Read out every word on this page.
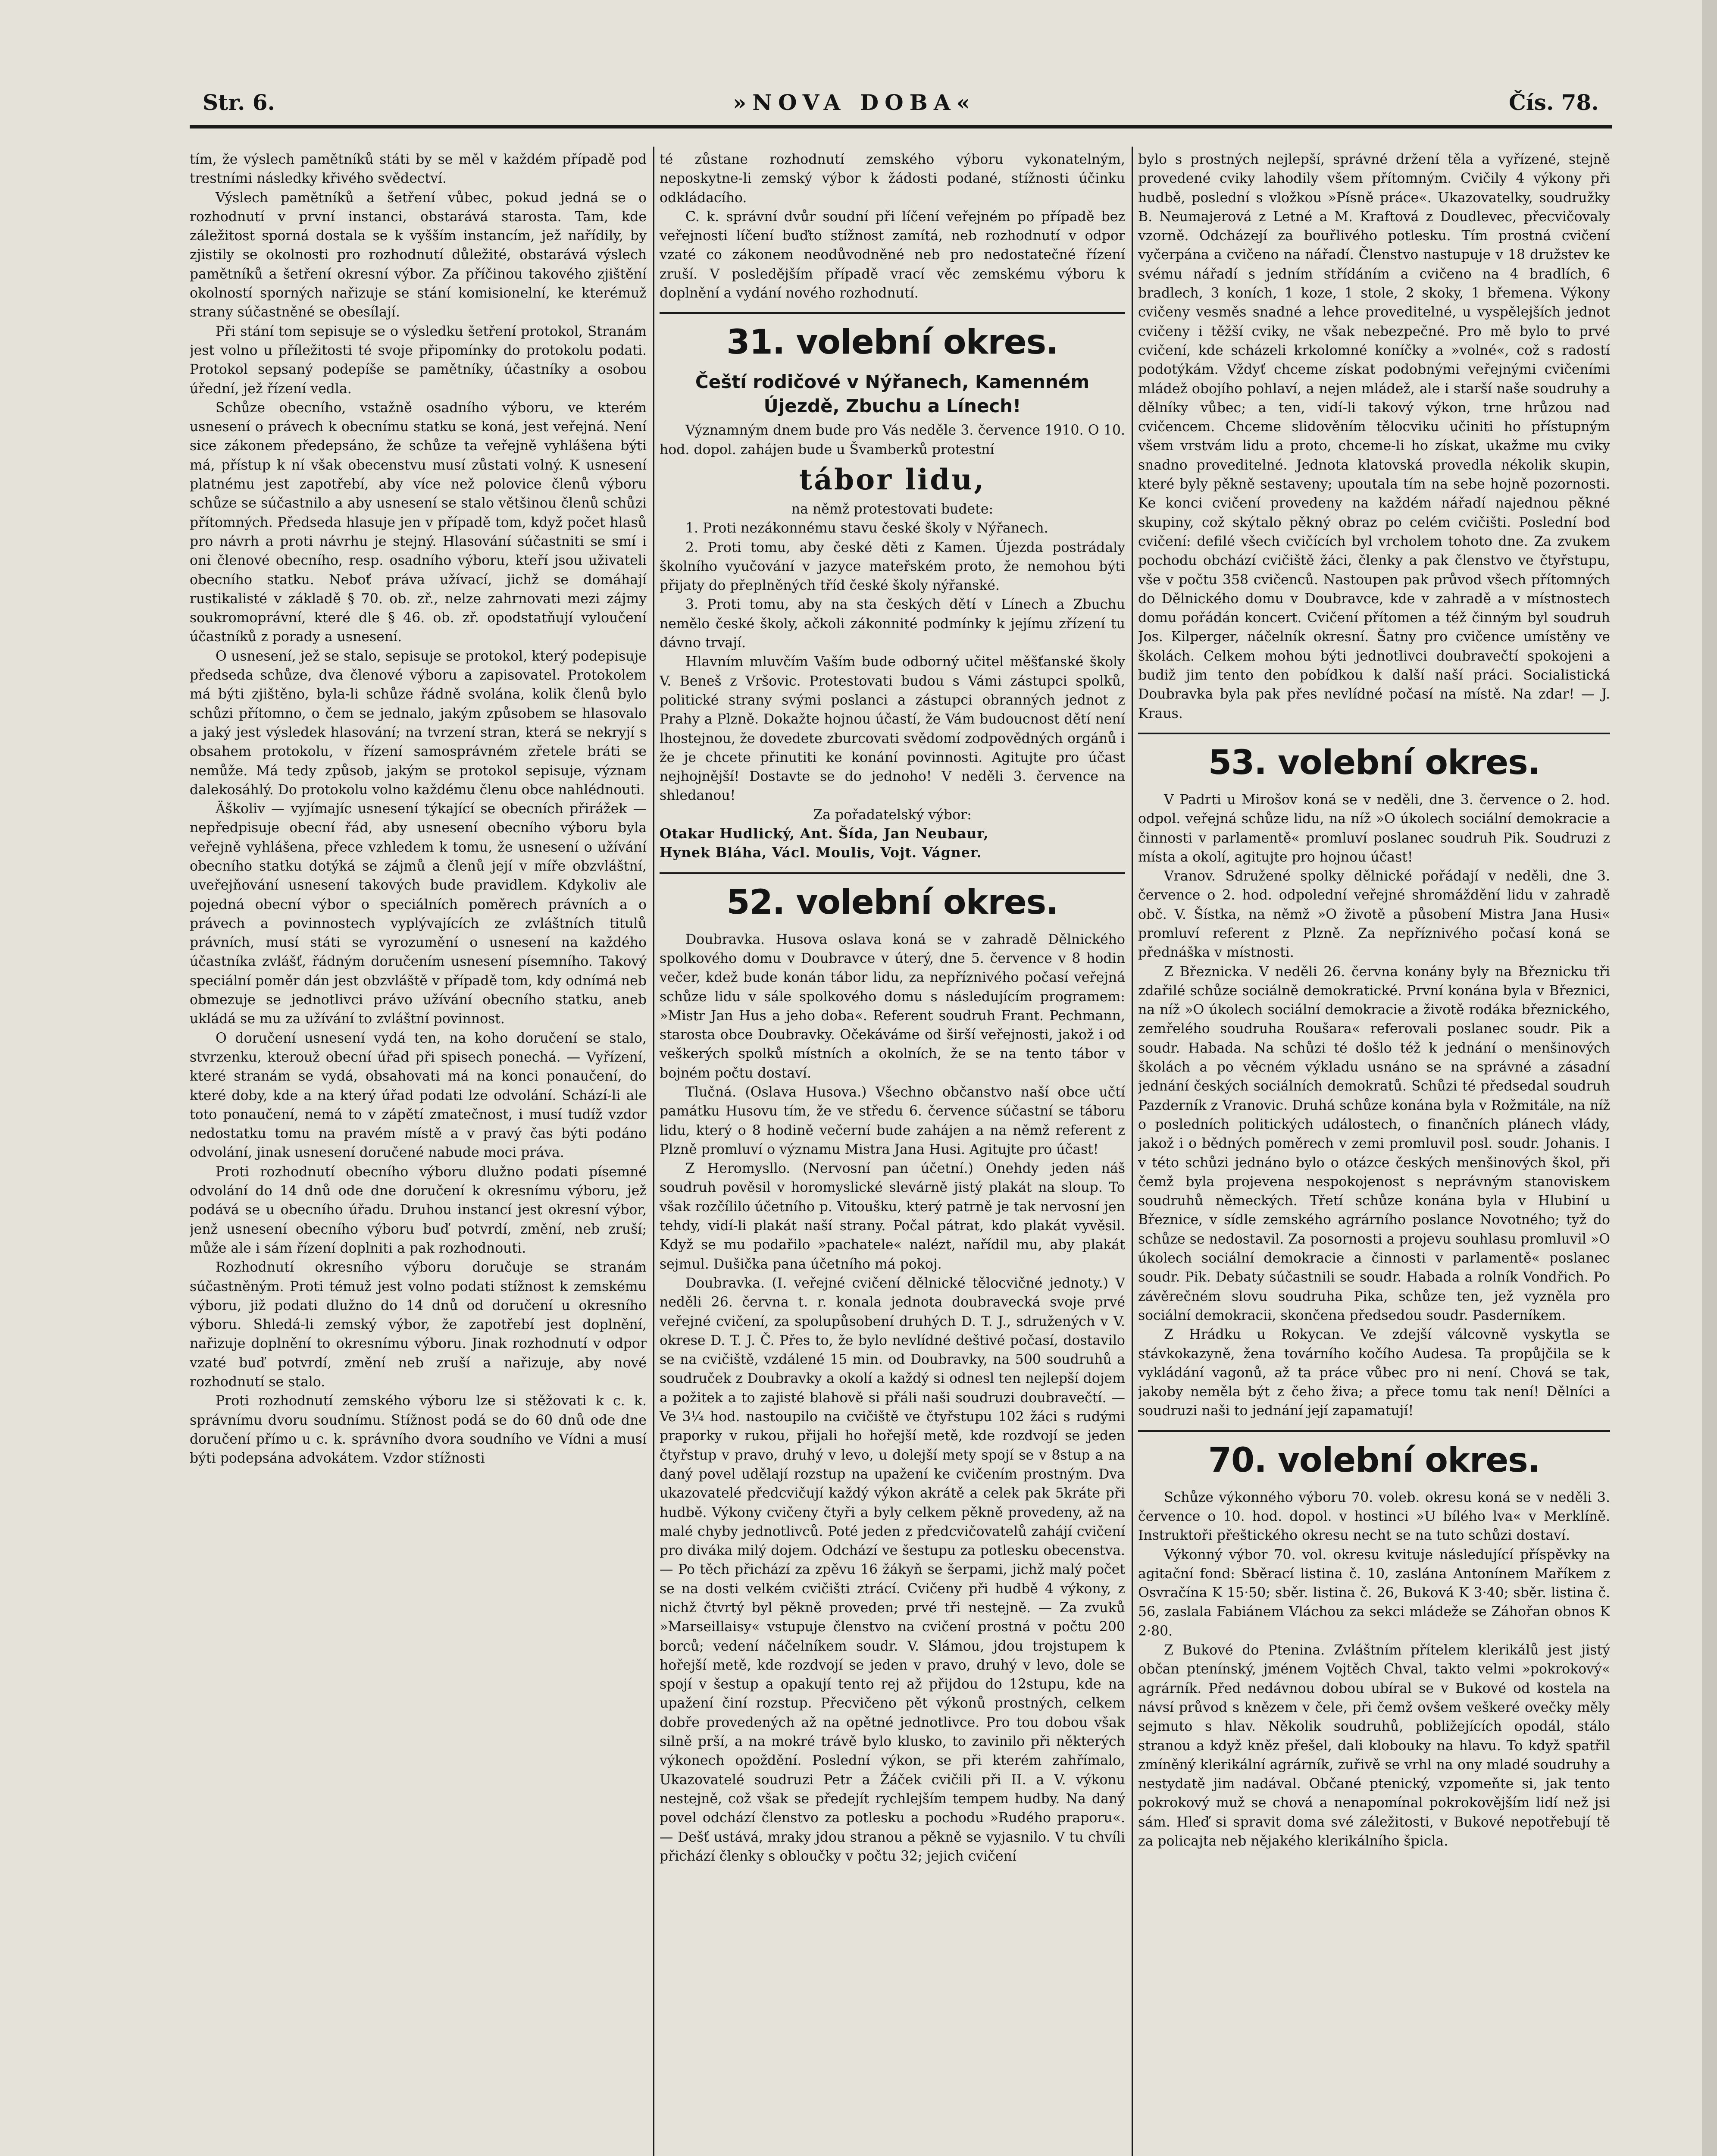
Str. 6.	»NOVA DOBA«	Čís. 78.

tím, že výslech pamětníků státi by se měl v každém případě pod trestními následky křivého svědectví.

Výslech pamětníků a šetření vůbec, pokud jedná se o rozhodnutí v první instanci, obstarává starosta. Tam, kde záležitost sporná dostala se k vyšším instancím, jež nařídily, by zjistily se okolnosti pro rozhodnutí důležité, obstarává výslech pamětníků a šetření okresní výbor. Za příčinou takového zjištění okolností sporných nařizuje se stání komisionelní, ke kterémuž strany súčastněné se obesílají.

Při stání tom sepisuje se o výsledku šetření protokol, Stranám jest volno u příležitosti té svoje připomínky do protokolu podati. Protokol sepsaný podepíše se pamětníky, účastníky a osobou úřední, jež řízení vedla.

Schůze obecního, vstažně osadního výboru, ve kterém usnesení o právech k obecnímu statku se koná, jest veřejná. Není sice zákonem předepsáno, že schůze ta veřejně vyhlášena býti má, přístup k ní však obecenstvu musí zůstati volný. K usnesení platnému jest zapotřebí, aby více než polovice členů výboru schůze se súčastnilo a aby usnesení se stalo většinou členů schůzi přítomných. Předseda hlasuje jen v případě tom, když počet hlasů pro návrh a proti návrhu je stejný. Hlasování súčastniti se smí i oni členové obecního, resp. osadního výboru, kteří jsou uživateli obecního statku. Neboť práva užívací, jichž se domáhají rustikalisté v základě § 70. ob. zř., nelze zahrnovati mezi zájmy soukromoprávní, které dle § 46. ob. zř. opodstatňují vyloučení účastníků z porady a usnesení.

O usnesení, jež se stalo, sepisuje se protokol, který podepisuje předseda schůze, dva členové výboru a zapisovatel. Protokolem má býti zjištěno, byla-li schůze řádně svolána, kolik členů bylo schůzi přítomno, o čem se jednalo, jakým způsobem se hlasovalo a jaký jest výsledek hlasování; na tvrzení stran, která se nekryjí s obsahem protokolu, v řízení samosprávném zřetele bráti se nemůže. Má tedy způsob, jakým se protokol sepisuje, význam dalekosáhlý. Do protokolu volno každému členu obce nahlédnouti.

Äškoliv — vyjímajíc usnesení týkající se obecních přirážek — nepředpisuje obecní řád, aby usnesení obecního výboru byla veřejně vyhlášena, přece vzhledem k tomu, že usnesení o užívání obecního statku dotýká se zájmů a členů její v míře obzvláštní, uveřejňování usnesení takových bude pravidlem. Kdykoliv ale pojedná obecní výbor o speciálních poměrech právních a o právech a povinnostech vyplývajících ze zvláštních titulů právních, musí státi se vyrozumění o usnesení na každého účastníka zvlášť, řádným doručením usnesení písemního. Takový speciální poměr dán jest obzvláště v případě tom, kdy odnímá neb obmezuje se jednotlivci právo užívání obecního statku, aneb ukládá se mu za užívání to zvláštní povinnost.

O doručení usnesení vydá ten, na koho doručení se stalo, stvrzenku, kterouž obecní úřad při spisech ponechá. — Vyřízení, které stranám se vydá, obsahovati má na konci ponaučení, do které doby, kde a na který úřad podati lze odvolání. Schází-li ale toto ponaučení, nemá to v zápětí zmatečnost, i musí tudíž vzdor nedostatku tomu na pravém místě a v pravý čas býti podáno odvolání, jinak usnesení doručené nabude moci práva.

Proti rozhodnutí obecního výboru dlužno podati písemné odvolání do 14 dnů ode dne doručení k okresnímu výboru, jež podává se u obecního úřadu. Druhou instancí jest okresní výbor, jenž usnesení obecního výboru buď potvrdí, změní, neb zruší; může ale i sám řízení doplniti a pak rozhodnouti.

Rozhodnutí okresního výboru doručuje se stranám súčastněným. Proti témuž jest volno podati stížnost k zemskému výboru, již podati dlužno do 14 dnů od doručení u okresního výboru. Shledá-li zemský výbor, že zapotřebí jest doplnění, nařizuje doplnění to okresnímu výboru. Jinak rozhodnutí v odpor vzaté buď potvrdí, změní neb zruší a nařizuje, aby nové rozhodnutí se stalo.

Proti rozhodnutí zemského výboru lze si stěžovati k c. k. správnímu dvoru soudnímu. Stížnost podá se do 60 dnů ode dne doručení přímo u c. k. správního dvora soudního ve Vídni a musí býti podepsána advokátem. Vzdor stížnosti

té zůstane rozhodnutí zemského výboru vykonatelným, neposkytne-li zemský výbor k žádosti podané, stížnosti účinku odkládacího.

C. k. správní dvůr soudní při líčení veřejném po případě bez veřejnosti líčení buďto stížnost zamítá, neb rozhodnutí v odpor vzaté co zákonem neodůvodněné neb pro nedostatečné řízení zruší. V posledějším případě vrací věc zemskému výboru k doplnění a vydání nového rozhodnutí.

31. volební okres.
Čeští rodičové v Nýřanech, Kamenném Újezdě, Zbuchu a Línech!

Významným dnem bude pro Vás neděle 3. července 1910. O 10. hod. dopol. zahájen bude u Švamberků protestní

tábor lidu,

na němž protestovati budete:

1. Proti nezákonnému stavu české školy v Nýřanech.

2. Proti tomu, aby české děti z Kamen. Újezda postrádaly školního vyučování v jazyce mateřském proto, že nemohou býti přijaty do přeplněných tříd české školy nýřanské.

3. Proti tomu, aby na sta českých dětí v Línech a Zbuchu nemělo české školy, ačkoli zákonnité podmínky k jejímu zřízení tu dávno trvají.

Hlavním mluvčím Vaším bude odborný učitel měšťanské školy V. Beneš z Vršovic. Protestovati budou s Vámi zástupci spolků, politické strany svými poslanci a zástupci obranných jednot z Prahy a Plzně. Dokažte hojnou účastí, že Vám budoucnost dětí není lhostejnou, že dovedete zburcovati svědomí zodpovědných orgánů i že je chcete přinutiti ke konání povinnosti. Agitujte pro účast nejhojnější! Dostavte se do jednoho! V neděli 3. července na shledanou!

Za pořadatelský výbor:

Otakar Hudlický, Ant. Šída, Jan Neubaur,

Hynek Bláha, Václ. Moulis, Vojt. Vágner.

52. volební okres.

Doubravka. Husova oslava koná se v zahradě Dělnického spolkového domu v Doubravce v úterý, dne 5. července v 8 hodin večer, kdež bude konán tábor lidu, za nepříznivého počasí veřejná schůze lidu v sále spolkového domu s následujícím programem: »Mistr Jan Hus a jeho doba«. Referent soudruh Frant. Pechmann, starosta obce Doubravky. Očekáváme od širší veřejnosti, jakož i od veškerých spolků místních a okolních, že se na tento tábor v bojném počtu dostaví.

Tlučná. (Oslava Husova.) Všechno občanstvo naší obce učtí památku Husovu tím, že ve středu 6. července súčastní se táboru lidu, který o 8 hodině večerní bude zahájen a na němž referent z Plzně promluví o významu Mistra Jana Husi. Agitujte pro účast!

Z Heromysllo. (Nervosní pan účetní.) Onehdy jeden náš soudruh pověsil v horomyslické slevárně jistý plakát na sloup. To však rozčílilo účetního p. Vitoušku, který patrně je tak nervosní jen tehdy, vidí-li plakát naší strany. Počal pátrat, kdo plakát vyvěsil. Když se mu podařilo »pachatele« nalézt, nařídil mu, aby plakát sejmul. Dušička pana účetního má pokoj.

Doubravka. (I. veřejné cvičení dělnické tělocvičné jednoty.) V neděli 26. června t. r. konala jednota doubravecká svoje prvé veřejné cvičení, za spolupůsobení druhých D. T. J., sdružených v V. okrese D. T. J. Č. Přes to, že bylo nevlídné deštivé počasí, dostavilo se na cvičiště, vzdálené 15 min. od Doubravky, na 500 soudruhů a soudruček z Doubravky a okolí a každý si odnesl ten nejlepší dojem a požitek a to zajisté blahově si přáli naši soudruzi doubravečtí. — Ve 3¼ hod. nastoupilo na cvičiště ve čtyřstupu 102 žáci s rudými praporky v rukou, přijali ho hořejší metě, kde rozdvojí se jeden čtyřstup v pravo, druhý v levo, u dolejší mety spojí se v 8stup a na daný povel udělají rozstup na upažení ke cvičením prostným. Dva ukazovatelé předcvičují každý výkon akrátě a celek pak 5kráte při hudbě. Výkony cvičeny čtyři a byly celkem pěkně provedeny, až na malé chyby jednotlivců. Poté jeden z předcvičovatelů zahájí cvičení pro diváka milý dojem. Odchází ve šestupu za potlesku obecenstva. — Po těch přichází za zpěvu 16 žákyň se šerpami, jichž malý počet se na dosti velkém cvičišti ztrácí. Cvičeny při hudbě 4 výkony, z nichž čtvrtý byl pěkně proveden; prvé tři nestejně. — Za zvuků »Marseillaisy« vstupuje členstvo na cvičení prostná v počtu 200 borců; vedení náčelníkem soudr. V. Slámou, jdou trojstupem k hořejší metě, kde rozdvojí se jeden v pravo, druhý v levo, dole se spojí v šestup a opakují tento rej až přijdou do 12stupu, kde na upažení činí rozstup. Přecvičeno pět výkonů prostných, celkem dobře provedených až na opětné jednotlivce. Pro tou dobou však silně prší, a na mokré trávě bylo klusko, to zavinilo při některých výkonech opoždění. Poslední výkon, se při kterém zahřímalo, Ukazovatelé soudruzi Petr a Žáček cvičili při II. a V. výkonu nestejně, což však se předejít rychlejším tempem hudby. Na daný povel odchází členstvo za potlesku a pochodu »Rudého praporu«. — Dešť ustává, mraky jdou stranou a pěkně se vyjasnilo. V tu chvíli přichází členky s obloučky v počtu 32; jejich cvičení

bylo s prostných nejlepší, správné držení těla a vyřízené, stejně provedené cviky lahodily všem přítomným. Cvičily 4 výkony při hudbě, poslední s vložkou »Písně práce«. Ukazovatelky, soudružky B. Neumajerová z Letné a M. Kraftová z Doudlevec, přecvičovaly vzorně. Odcházejí za bouřlivého potlesku. Tím prostná cvičení vyčerpána a cvičeno na nářadí. Členstvo nastupuje v 18 družstev ke svému nářadí s jedním střídáním a cvičeno na 4 bradlích, 6 bradlech, 3 koních, 1 koze, 1 stole, 2 skoky, 1 břemena. Výkony cvičeny vesměs snadné a lehce proveditelné, u vyspělejších jednot cvičeny i těžší cviky, ne však nebezpečné. Pro mě bylo to prvé cvičení, kde scházeli krkolomné koníčky a »volné«, což s radostí podotýkám. Vždyť chceme získat podobnými veřejnými cvičeními mládež obojího pohlaví, a nejen mládež, ale i starší naše soudruhy a dělníky vůbec; a ten, vidí-li takový výkon, trne hrůzou nad cvičencem. Chceme slidověním tělocviku učiniti ho přístupným všem vrstvám lidu a proto, chceme-li ho získat, ukažme mu cviky snadno proveditelné. Jednota klatovská provedla nékolik skupin, které byly pěkně sestaveny; upoutala tím na sebe hojně pozornosti. Ke konci cvičení provedeny na každém nářadí najednou pěkné skupiny, což skýtalo pěkný obraz po celém cvičišti. Poslední bod cvičení: defilé všech cvičících byl vrcholem tohoto dne. Za zvukem pochodu obchází cvičiště žáci, členky a pak členstvo ve čtyřstupu, vše v počtu 358 cvičenců. Nastoupen pak průvod všech přítomných do Dělnického domu v Doubravce, kde v zahradě a v místnostech domu pořádán koncert. Cvičení přítomen a též činným byl soudruh Jos. Kilperger, náčelník okresní. Šatny pro cvičence umístěny ve školách. Celkem mohou býti jednotlivci doubravečtí spokojeni a budiž jim tento den pobídkou k další naší práci. Socialistická Doubravka byla pak přes nevlídné počasí na místě. Na zdar! — J. Kraus.

53. volební okres.

V Padrti u Mirošov koná se v neděli, dne 3. července o 2. hod. odpol. veřejná schůze lidu, na níž »O úkolech sociální demokracie a činnosti v parlamentě« promluví poslanec soudruh Pik. Soudruzi z místa a okolí, agitujte pro hojnou účast!

Vranov. Sdružené spolky dělnické pořádají v neděli, dne 3. července o 2. hod. odpolední veřejné shromáždění lidu v zahradě obč. V. Šístka, na němž »O životě a působení Mistra Jana Husi« promluví referent z Plzně. Za nepříznivého počasí koná se přednáška v místnosti.

Z Březnicka. V neděli 26. června konány byly na Březnicku tři zdařilé schůze sociálně demokratické. První konána byla v Březnici, na níž »O úkolech sociální demokracie a životě rodáka březnického, zemřelého soudruha Roušara« referovali poslanec soudr. Pik a soudr. Habada. Na schůzi té došlo též k jednání o menšinových školách a po věcném výkladu usnáno se na správné a zásadní jednání českých sociálních demokratů. Schůzi té předsedal soudruh Pazderník z Vranovic. Druhá schůze konána byla v Rožmitále, na níž o posledních politických událostech, o finančních plánech vlády, jakož i o bědných poměrech v zemi promluvil posl. soudr. Johanis. I v této schůzi jednáno bylo o otázce českých menšinových škol, při čemž byla projevena nespokojenost s neprávným stanoviskem soudruhů německých. Třetí schůze konána byla v Hlubiní u Březnice, v sídle zemského agrárního poslance Novotného; tyž do schůze se nedostavil. Za posornosti a projevu souhlasu promluvil »O úkolech sociální demokracie a činnosti v parlamentě« poslanec soudr. Pik. Debaty súčastnili se soudr. Habada a rolník Vondřich. Po závěrečném slovu soudruha Pika, schůze ten, jež vyzněla pro sociální demokracii, skončena předsedou soudr. Pasderníkem.

Z Hrádku u Rokycan. Ve zdejší válcovně vyskytla se stávkokazyně, žena továrního kočího Audesa. Ta propůjčila se k vykládání vagonů, až ta práce vůbec pro ni není. Chová se tak, jakoby neměla být z čeho živa; a přece tomu tak není! Dělníci a soudruzi naši to jednání její zapamatují!

70. volební okres.

Schůze výkonného výboru 70. voleb. okresu koná se v neděli 3. července o 10. hod. dopol. v hostinci »U bílého lva« v Merklíně. Instruktoři přeštického okresu necht se na tuto schůzi dostaví.

Výkonný výbor 70. vol. okresu kvituje následující příspěvky na agitační fond: Sběrací listina č. 10, zaslána Antonínem Maříkem z Osvračína K 15·50; sběr. listina č. 26, Buková K 3·40; sběr. listina č. 56, zaslala Fabiánem Vláchou za sekci mládeže se Záhořan obnos K 2·80.

Z Bukové do Ptenina. Zvláštním přítelem klerikálů jest jistý občan ptenínský, jménem Vojtěch Chval, takto velmi »pokrokový« agrárník. Před nedávnou dobou ubíral se v Bukové od kostela na návsí průvod s knězem v čele, při čemž ovšem veškeré ovečky měly sejmuto s hlav. Několik soudruhů, pobližejících opodál, stálo stranou a když kněz přešel, dali klobouky na hlavu. To když spatřil zmíněný klerikální agrárník, zuřivě se vrhl na ony mladé soudruhy a nestydatě jim nadával. Občané ptenický, vzpomeňte si, jak tento pokrokový muž se chová a nenapomínal pokrokovějším lidí než jsi sám. Hleď si spravit doma své záležitosti, v Bukové nepotřebují tě za policajta neb nějakého klerikálního špicla.
